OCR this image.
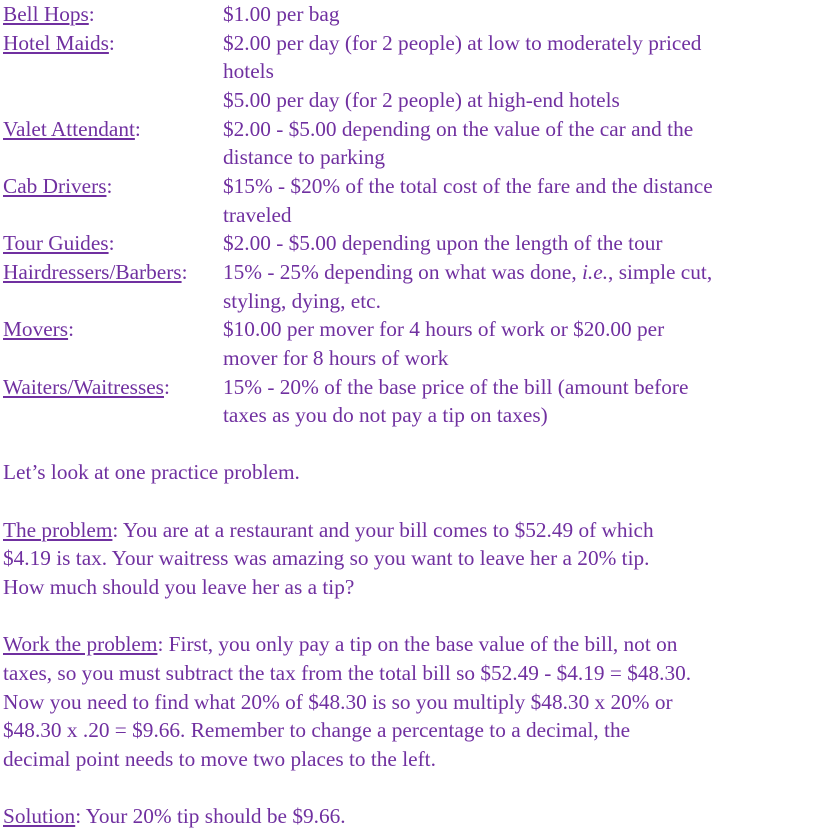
Bell Hops:	$1.00 per bag
Hotel Maids:	$2.00 per day (for 2 people) at low to moderately priced
hotels
$5.00 per day (for 2 people) at high-end hotels
Valet Attendant:	$2.00 - $5.00 depending on the value of the car and the
distance to parking
Cab Drivers:	$15% - $20% of the total cost of the fare and the distance
traveled
Tour Guides:	$2.00 - $5.00 depending upon the length of the tour
Hairdressers/Barbers:	15% - 25% depending on what was done, i.e., simple cut,
styling, dying, etc.
Movers:	$10.00 per mover for 4 hours of work or $20.00 per
mover for 8 hours of work
Waiters/Waitresses:	15% - 20% of the base price of the bill (amount before
taxes as you do not pay a tip on taxes)
Let’s look at one practice problem.
The problem: You are at a restaurant and your bill comes to $52.49 of which
$4.19 is tax. Your waitress was amazing so you want to leave her a 20% tip.
How much should you leave her as a tip?
Work the problem: First, you only pay a tip on the base value of the bill, not on
taxes, so you must subtract the tax from the total bill so $52.49 - $4.19 = $48.30.
Now you need to find what 20% of $48.30 is so you multiply $48.30 x 20% or
$48.30 x .20 = $9.66. Remember to change a percentage to a decimal, the
decimal point needs to move two places to the left.
Solution: Your 20% tip should be $9.66.
